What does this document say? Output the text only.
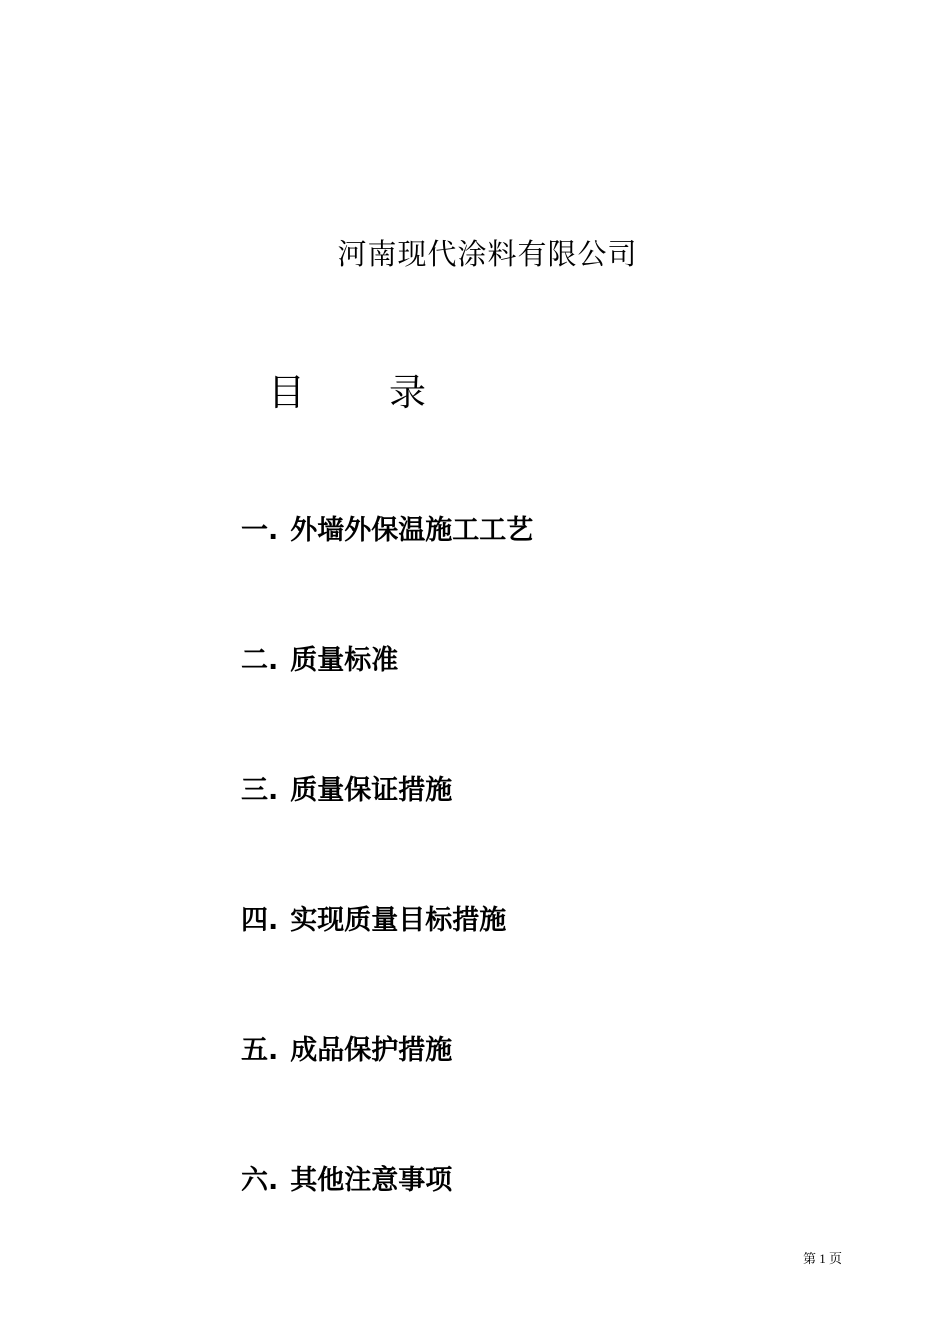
河南现代涂料有限公司
目 录
一. 外墙外保温施工工艺
二. 质量标准
三. 质量保证措施
四. 实现质量目标措施
五. 成品保护措施
六. 其他注意事项
第 1 页
